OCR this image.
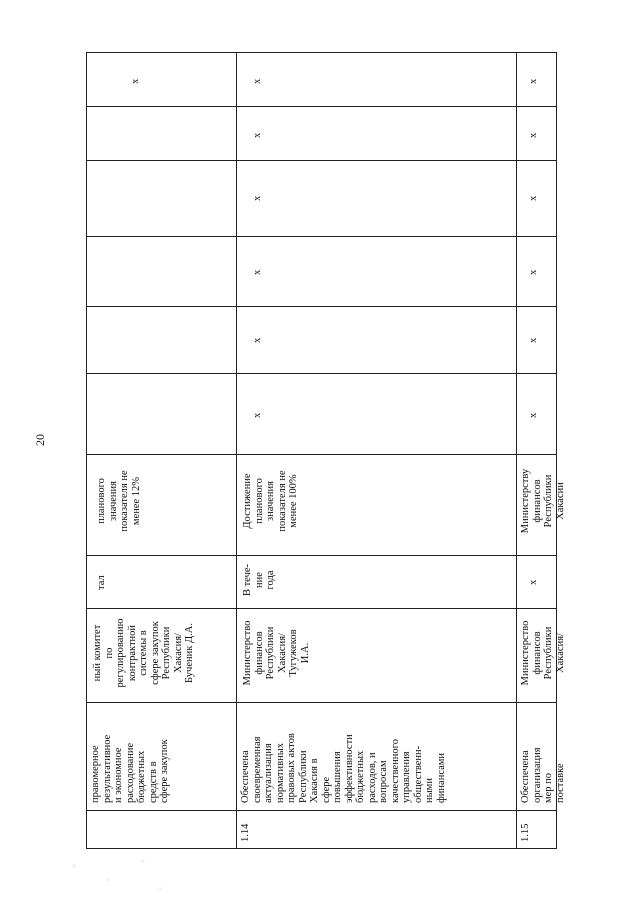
20
правомерное
результативное
и экономное
расходование
бюджетных
средств в
сфере закупок
ный комитет
по
регулированию
контрактной
системы в
сфере закупок
Республики
Хакасия/
Бученик Д.А.
тал
планового
значения
показателя не
менее 12%
х
1.14
Обеспечена
своевременная
актуализация
нормативных
правовых актов
Республики
Хакасия в
сфере
повышения
эффективности
бюджетных
расходов, и
вопросам
качественного
управления
общественн-
ными
финансами
Министерство
финансов
Республики
Хакасия/
Тугужеков
И.А.
В тече-
ние
года
Достижение
планового
значения
показателя не
менее 100%
х
х
х
х
х
х
1.15
Обеспечена
организация
мер по
поставке
Министерство
финансов
Республики
Хакасия/
х
Министерству
финансов
Республики
Хакасии
х
х
х
х
х
х
